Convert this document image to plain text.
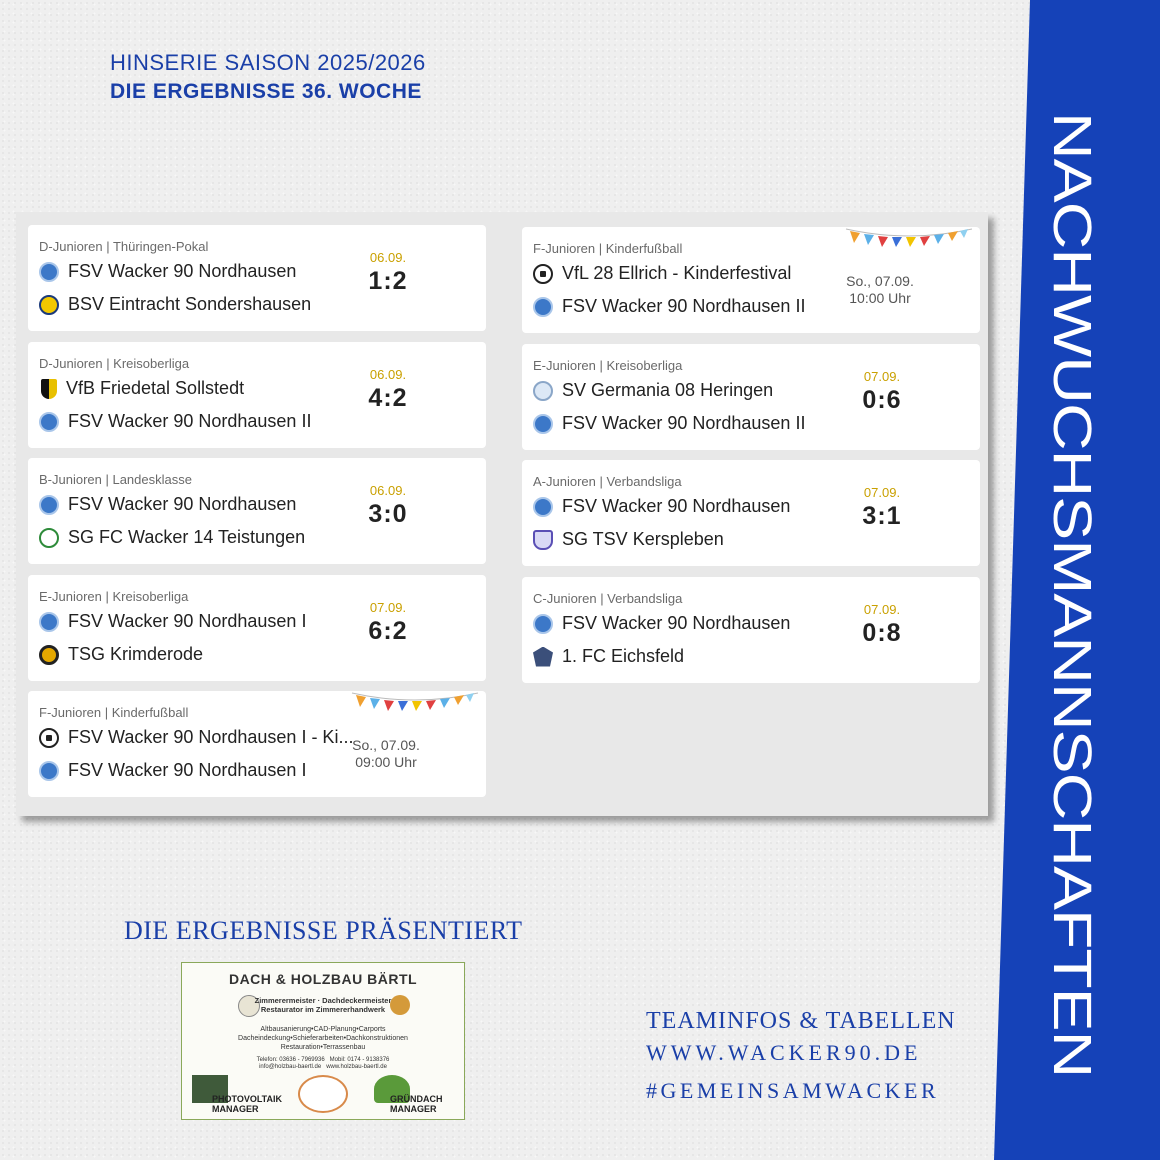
HINSERIE SAISON 2025/2026
DIE ERGEBNISSE 36. WOCHE
NACHWUCHSMANNSCHAFTEN
D-Junioren | Thüringen-Pokal
FSV Wacker 90 Nordhausen
BSV Eintracht Sondershausen
06.09.
1:2
D-Junioren | Kreisoberliga
VfB Friedetal Sollstedt
FSV Wacker 90 Nordhausen II
06.09.
4:2
B-Junioren | Landesklasse
FSV Wacker 90 Nordhausen
SG FC Wacker 14 Teistungen
06.09.
3:0
E-Junioren | Kreisoberliga
FSV Wacker 90 Nordhausen I
TSG Krimderode
07.09.
6:2
F-Junioren | Kinderfußball
FSV Wacker 90 Nordhausen I - Ki...
FSV Wacker 90 Nordhausen I
So., 07.09.
09:00 Uhr
F-Junioren | Kinderfußball
VfL 28 Ellrich - Kinderfestival
FSV Wacker 90 Nordhausen II
So., 07.09.
10:00 Uhr
E-Junioren | Kreisoberliga
SV Germania 08 Heringen
FSV Wacker 90 Nordhausen II
07.09.
0:6
A-Junioren | Verbandsliga
FSV Wacker 90 Nordhausen
SG TSV Kerspleben
07.09.
3:1
C-Junioren | Verbandsliga
FSV Wacker 90 Nordhausen
1. FC Eichsfeld
07.09.
0:8
DIE ERGEBNISSE PRÄSENTIERT
DACH & HOLZBAU BÄRTL
Zimmerermeister · Dachdeckermeister
Restaurator im Zimmererhandwerk
Altbausanierung•CAD-Planung•Carports
Dacheindeckung•Schieferarbeiten•Dachkonstruktionen
Restauration•Terrassenbau
Telefon: 03636 - 7969936 Mobil: 0174 - 9138376
info@holzbau-baertl.de www.holzbau-baertl.de
PHOTOVOLTAIK MANAGER
GRÜNDACH MANAGER
TEAMINFOS & TABELLEN
WWW.WACKER90.DE
#GEMEINSAMWACKER
